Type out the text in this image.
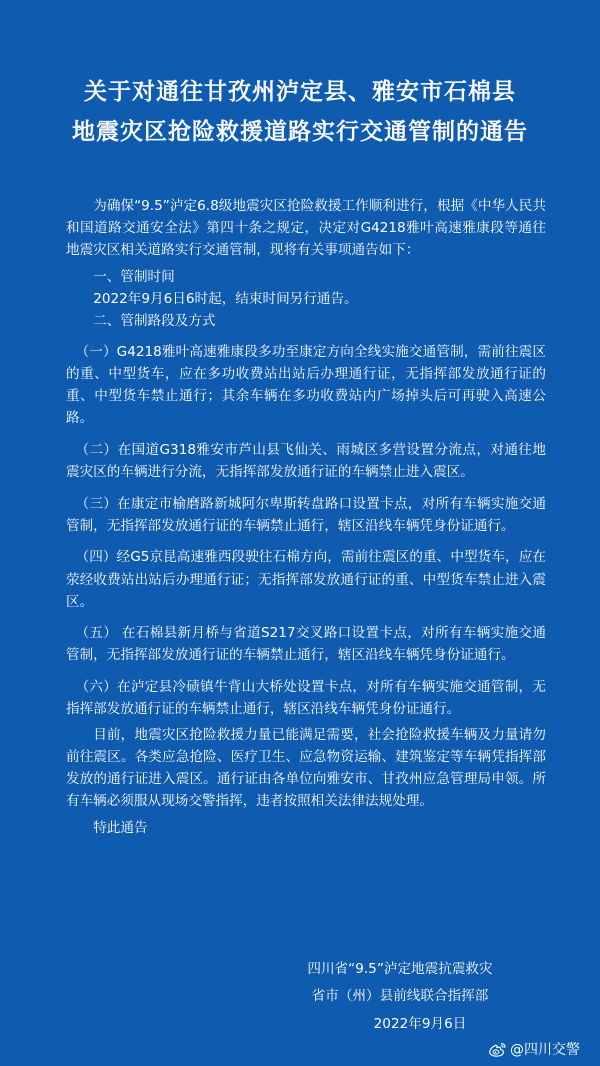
关于对通往甘孜州泸定县、雅安市石棉县
地震灾区抢险救援道路实行交通管制的通告

为确保“9.5”泸定6.8级地震灾区抢险救援工作顺利进行，根据《中华人民共和国道路交通安全法》第四十条之规定，决定对G4218雅叶高速雅康段等通往地震灾区相关道路实行交通管制，现将有关事项通告如下：

一、管制时间

2022年9月6日6时起，结束时间另行通告。

二、管制路段及方式

（一）G4218雅叶高速雅康段多功至康定方向全线实施交通管制，需前往震区的重、中型货车，应在多功收费站出站后办理通行证，无指挥部发放通行证的重、中型货车禁止通行；其余车辆在多功收费站内广场掉头后可再驶入高速公路。

（二）在国道G318雅安市芦山县飞仙关、雨城区多营设置分流点，对通往地震灾区的车辆进行分流，无指挥部发放通行证的车辆禁止进入震区。

（三）在康定市榆磨路新城阿尔卑斯转盘路口设置卡点，对所有车辆实施交通管制，无指挥部发放通行证的车辆禁止通行，辖区沿线车辆凭身份证通行。

（四）经G5京昆高速雅西段驶往石棉方向，需前往震区的重、中型货车，应在荥经收费站出站后办理通行证；无指挥部发放通行证的重、中型货车禁止进入震区。

（五） 在石棉县新月桥与省道S217交叉路口设置卡点，对所有车辆实施交通管制，无指挥部发放通行证的车辆禁止通行，辖区沿线车辆凭身份证通行。

（六）在泸定县冷碛镇牛背山大桥处设置卡点，对所有车辆实施交通管制，无指挥部发放通行证的车辆禁止通行，辖区沿线车辆凭身份证通行。

目前，地震灾区抢险救援力量已能满足需要，社会抢险救援车辆及力量请勿前往震区。各类应急抢险、医疗卫生、应急物资运输、建筑鉴定等车辆凭指挥部发放的通行证进入震区。通行证由各单位向雅安市、甘孜州应急管理局申领。所有车辆必须服从现场交警指挥，违者按照相关法律法规处理。

特此通告

四川省“9.5”泸定地震抗震救灾
省市（州）县前线联合指挥部
2022年9月6日
@四川交警
